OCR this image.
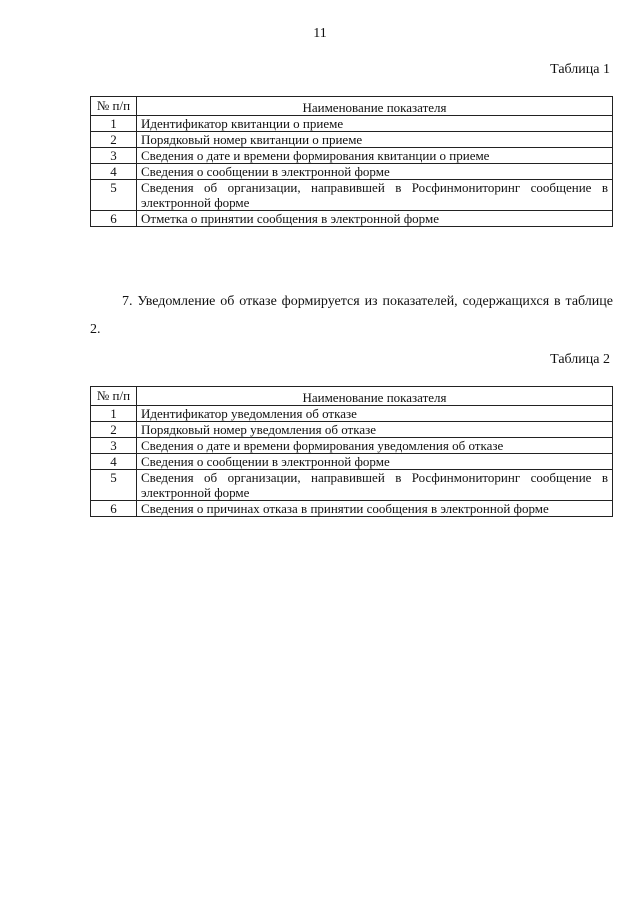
11
Таблица 1
№ п/п	Наименование показателя
1	Идентификатор квитанции о приеме
2	Порядковый номер квитанции о приеме
3	Сведения о дате и времени формирования квитанции о приеме
4	Сведения о сообщении в электронной форме
5	Сведения об организации, направившей в Росфинмониторинг сообщение в электронной форме
6	Отметка о принятии сообщения в электронной форме
7. Уведомление об отказе формируется из показателей, содержащихся в таблице 2.
Таблица 2
№ п/п	Наименование показателя
1	Идентификатор уведомления об отказе
2	Порядковый номер уведомления об отказе
3	Сведения о дате и времени формирования уведомления об отказе
4	Сведения о сообщении в электронной форме
5	Сведения об организации, направившей в Росфинмониторинг сообщение в электронной форме
6	Сведения о причинах отказа в принятии сообщения в электронной форме
